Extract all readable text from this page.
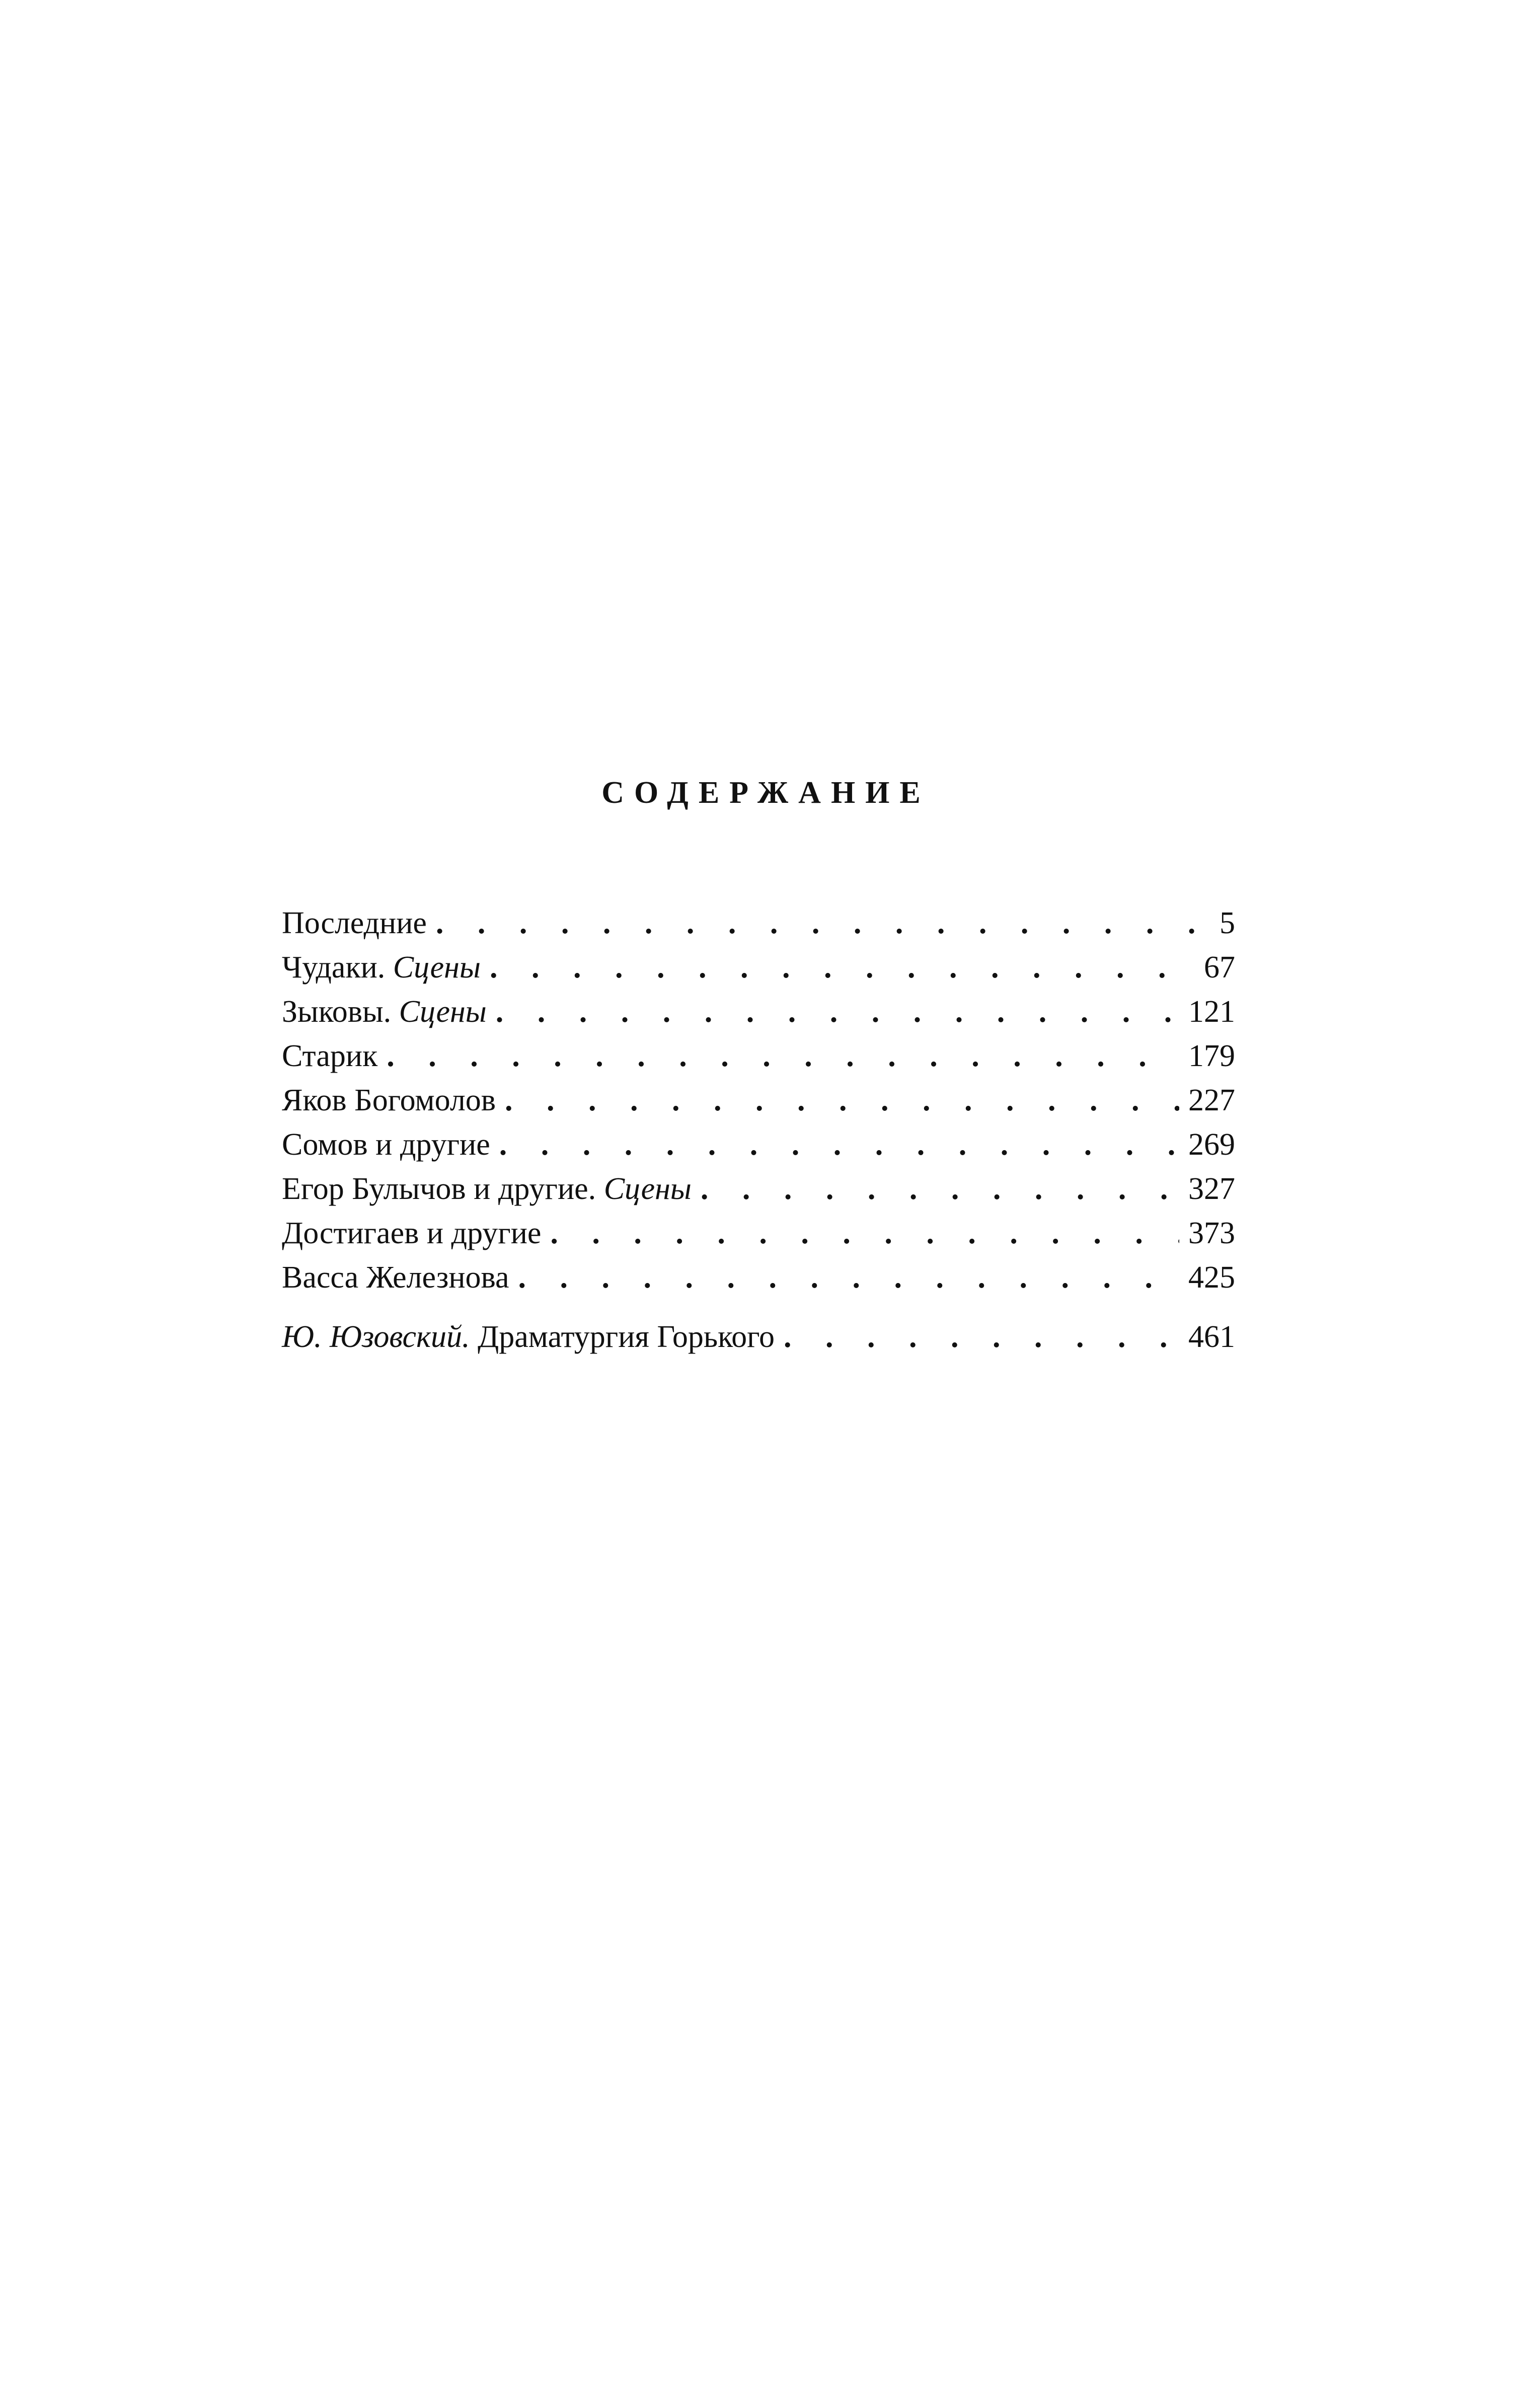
СОДЕРЖАНИЕ
Последние . . .	5
Чудаки. Сцены . . .	67
Зыковы. Сцены . . .	121
Старик . . .	179
Яков Богомолов . . .	227
Сомов и другие . . .	269
Егор Булычов и другие. Сцены . . .	327
Достигаев и другие . . .	373
Васса Железнова . . .	425
Ю. Юзовский. Драматургия Горького . . .	461
